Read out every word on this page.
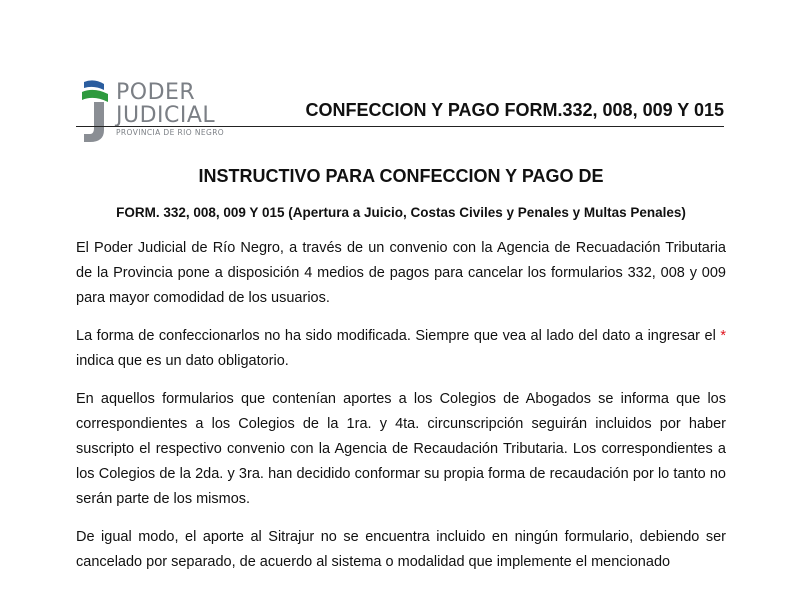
PODER
JUDICIAL
PROVINCIA DE RIO NEGRO
CONFECCION Y PAGO FORM.332, 008, 009 Y 015
INSTRUCTIVO PARA CONFECCION Y PAGO DE
FORM. 332, 008, 009 Y 015 (Apertura a Juicio, Costas Civiles y Penales y Multas Penales)

El Poder Judicial de Río Negro, a través de un convenio con la Agencia de Recuadación Tributaria de la Provincia pone a disposición 4 medios de pagos para cancelar los formularios 332, 008 y 009 para mayor comodidad de los usuarios.

La forma de confeccionarlos no ha sido modificada. Siempre que vea al lado del dato a ingresar el * indica que es un dato obligatorio.

En aquellos formularios que contenían aportes a los Colegios de Abogados se informa que los correspondientes a los Colegios de la 1ra. y 4ta. circunscripción seguirán incluidos por haber suscripto el respectivo convenio con la Agencia de Recaudación Tributaria. Los correspondientes a los Colegios de la 2da. y 3ra. han decidido conformar su propia forma de recaudación por lo tanto no serán parte de los mismos.

De igual modo, el aporte al Sitrajur no se encuentra incluido en ningún formulario, debiendo ser cancelado por separado, de acuerdo al sistema o modalidad que implemente el mencionado
